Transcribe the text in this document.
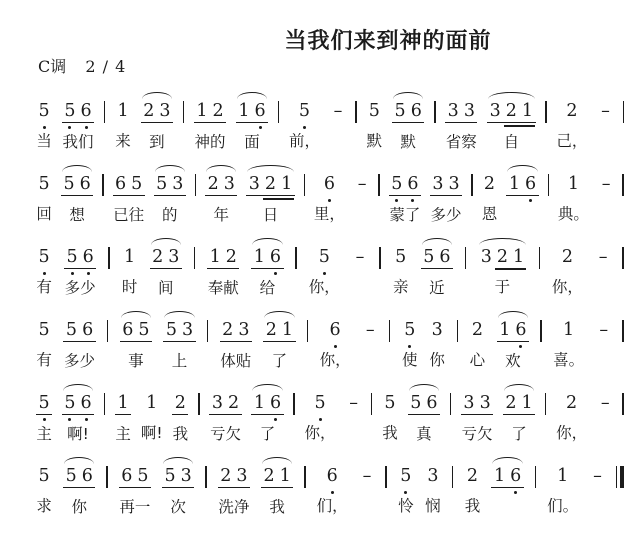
当我们来到神的面前
C调 2 / 4
5
当
5 6
我们
1
来
2 3
到
1 2
神的
1 6
面
5
前，
– 5
默
5 6
默
3 3
省察
3 2 1
自
2
己，
–
5
回
5 6
想
6 5
已往
5 3
的
2 3
年
3 2 1
日
6
里，
– 5 6
蒙了
3 3
多少
2
恩
1 6 1
典。
–
5
有
5 6
多少
1
时
2 3
间
1 2
奉献
1 6
给
5
你，
– 5
亲
5 6
近
3 2 1
于
2
你，
–
5
有
5 6
多少
6 5
事
5 3
上
2 3
体贴
2 1
了
6
你，
– 5
使
3
你
2
心
1 6
欢
1
喜。
–
5
主
5 6
啊!
1
主
1
啊!
2
我
3 2
亏欠
1 6
了
5
你，
– 5
我
5 6
真
3 3
亏欠
2 1
了
2
你，
–
5
求
5 6
你
6 5
再一
5 3
次
2 3
洗净
2 1
我
6
们，
– 5
怜
3
悯
2
我
1 6 1
们。
–
